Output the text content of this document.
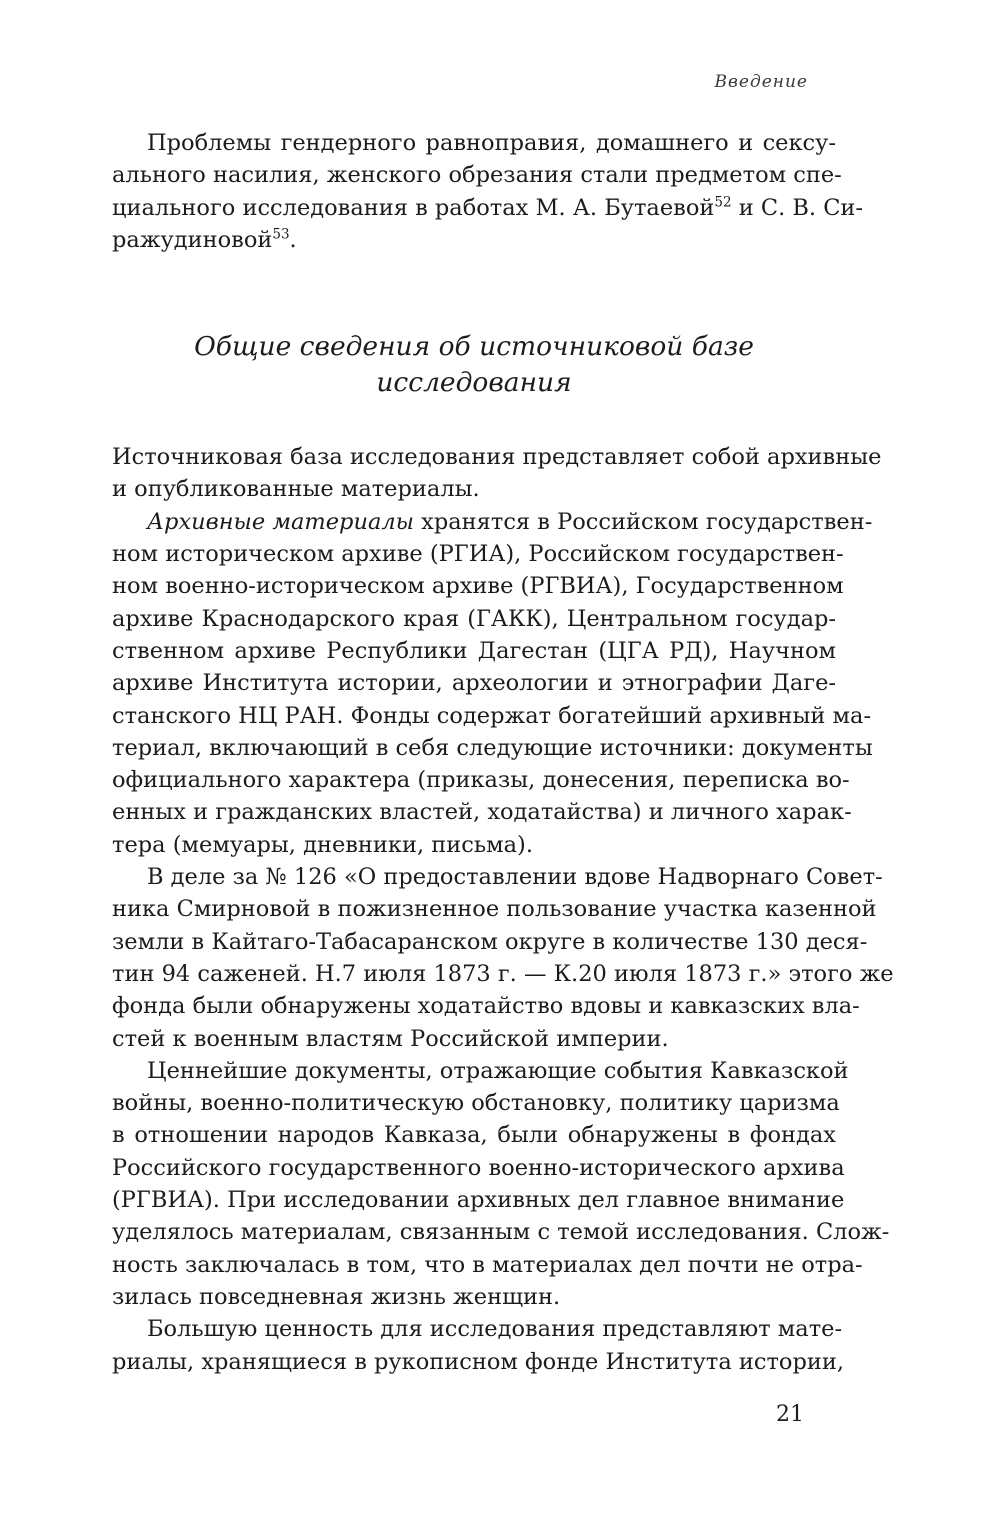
Введение
Проблемы гендерного равноправия, домашнего и сексу-
ального насилия, женского обрезания стали предметом спе-
циального исследования в работах М. А. Бутаевой$^{52}$ и С. В. Си-
ражудиновой$^{53}$.
Общие сведения об источниковой базе
исследования
Источниковая база исследования представляет собой архивные
и опубликованные материалы.
Архивные материалы хранятся в Российском государствен-
ном историческом архиве (РГИА), Российском государствен-
ном военно-историческом архиве (РГВИА), Государственном
архиве Краснодарского края (ГАКК), Центральном государ-
ственном архиве Республики Дагестан (ЦГА РД), Научном
архиве Института истории, археологии и этнографии Даге-
станского НЦ РАН. Фонды содержат богатейший архивный ма-
териал, включающий в себя следующие источники: документы
официального характера (приказы, донесения, переписка во-
енных и гражданских властей, ходатайства) и личного харак-
тера (мемуары, дневники, письма).
В деле за № 126 «О предоставлении вдове Надворнаго Совет-
ника Смирновой в пожизненное пользование участка казенной
земли в Кайтаго-Табасаранском округе в количестве 130 деся-
тин 94 саженей. Н.7 июля 1873 г. — К.20 июля 1873 г.» этого же
фонда были обнаружены ходатайство вдовы и кавказских вла-
стей к военным властям Российской империи.
Ценнейшие документы, отражающие события Кавказской
войны, военно-политическую обстановку, политику царизма
в отношении народов Кавказа, были обнаружены в фондах
Российского государственного военно-исторического архива
(РГВИА). При исследовании архивных дел главное внимание
уделялось материалам, связанным с темой исследования. Слож-
ность заключалась в том, что в материалах дел почти не отра-
зилась повседневная жизнь женщин.
Большую ценность для исследования представляют мате-
риалы, хранящиеся в рукописном фонде Института истории,
21
